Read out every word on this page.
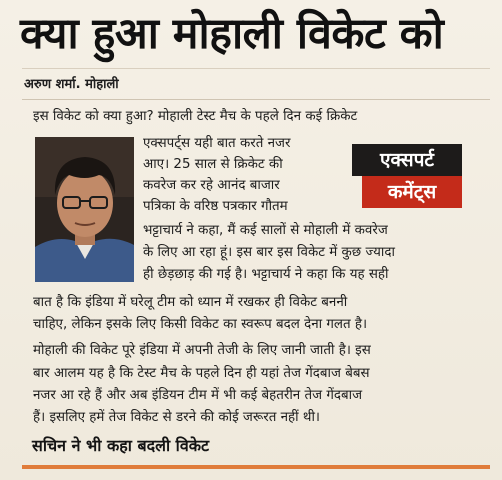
क्या हुआ मोहाली विकेट को
अरुण शर्मा. मोहाली
इस विकेट को क्या हुआ? मोहाली टेस्ट मैच के पहले दिन कई क्रिकेट
एक्सपर्ट्स यही बात करते नजर
आए। 25 साल से क्रिकेट की
कवरेज कर रहे आनंद बाजार
पत्रिका के वरिष्ठ पत्रकार गौतम
भट्टाचार्य ने कहा, मैं कई सालों से मोहाली में कवरेज
के लिए आ रहा हूं। इस बार इस विकेट में कुछ ज्यादा
ही छेड़छाड़ की गई है। भट्टाचार्य ने कहा कि यह सही
बात है कि इंडिया में घरेलू टीम को ध्यान में रखकर ही विकेट बननी
चाहिए, लेकिन इसके लिए किसी विकेट का स्वरूप बदल देना गलत है।
मोहाली की विकेट पूरे इंडिया में अपनी तेजी के लिए जानी जाती है। इस
बार आलम यह है कि टेस्ट मैच के पहले दिन ही यहां तेज गेंदबाज बेबस
नजर आ रहे हैं और अब इंडियन टीम में भी कई बेहतरीन तेज गेंदबाज
हैं। इसलिए हमें तेज विकेट से डरने की कोई जरूरत नहीं थी।
एक्सपर्ट
कमेंट्स
सचिन ने भी कहा बदली विकेट
